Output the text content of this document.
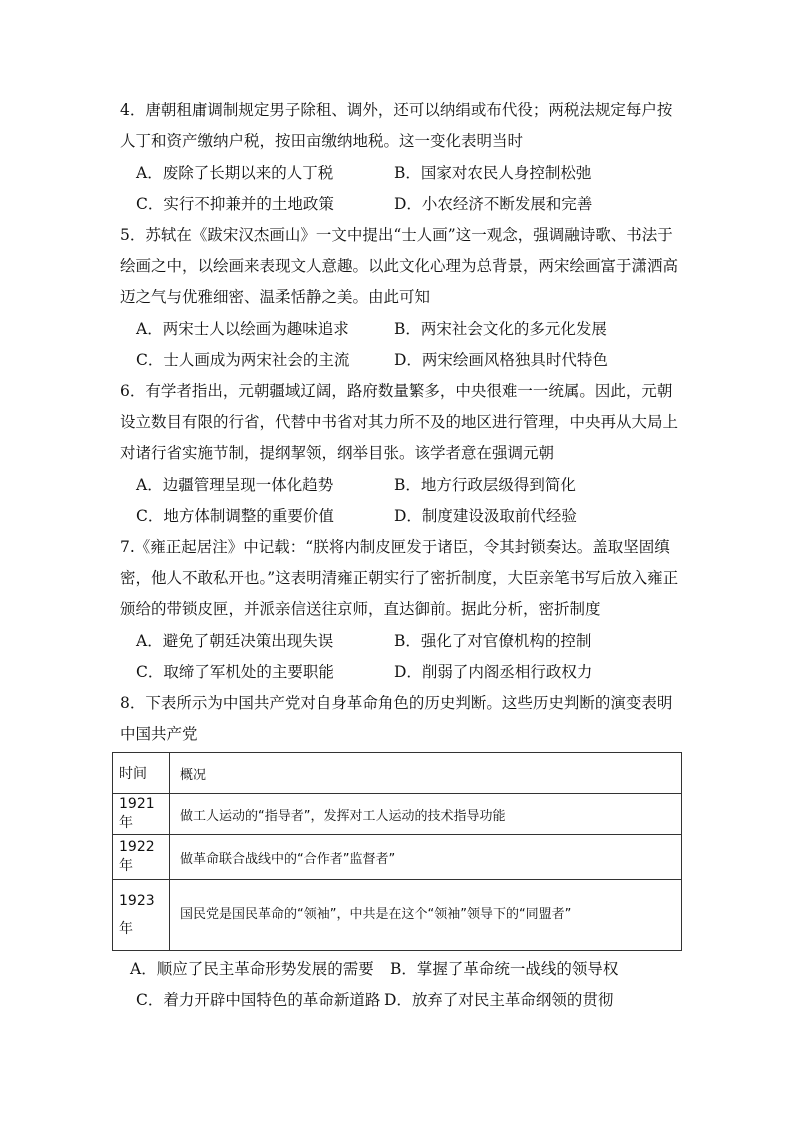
4．唐朝租庸调制规定男子除租、调外，还可以纳绢或布代役；两税法规定每户按人丁和资产缴纳户税，按田亩缴纳地税。这一变化表明当时

A．废除了长期以来的人丁税	B．国家对农民人身控制松弛

C．实行不抑兼并的土地政策	D．小农经济不断发展和完善

5．苏轼在《跋宋汉杰画山》一文中提出“士人画”这一观念，强调融诗歌、书法于绘画之中，以绘画来表现文人意趣。以此文化心理为总背景，两宋绘画富于潇洒高迈之气与优雅细密、温柔恬静之美。由此可知

A．两宋士人以绘画为趣味追求	B．两宋社会文化的多元化发展

C．士人画成为两宋社会的主流	D．两宋绘画风格独具时代特色

6．有学者指出，元朝疆域辽阔，路府数量繁多，中央很难一一统属。因此，元朝设立数目有限的行省，代替中书省对其力所不及的地区进行管理，中央再从大局上对诸行省实施节制，提纲挈领，纲举目张。该学者意在强调元朝

A．边疆管理呈现一体化趋势	B．地方行政层级得到简化

C．地方体制调整的重要价值	D．制度建设汲取前代经验

7.《雍正起居注》中记载：“朕将内制皮匣发于诸臣，令其封锁奏达。盖取坚固缜密，他人不敢私开也。”这表明清雍正朝实行了密折制度，大臣亲笔书写后放入雍正颁给的带锁皮匣，并派亲信送往京师，直达御前。据此分析，密折制度

A．避免了朝廷决策出现失误	B．强化了对官僚机构的控制

C．取缔了军机处的主要职能	D．削弱了内阁丞相行政权力

8．下表所示为中国共产党对自身革命角色的历史判断。这些历史判断的演变表明中国共产党

时间	概况
1921 年	做工人运动的“指导者”，发挥对工人运动的技术指导功能
1922 年	做革命联合战线中的“合作者”监督者”
1923 年	国民党是国民革命的“领袖”，中共是在这个“领袖”领导下的“同盟者”

A．顺应了民主革命形势发展的需要 B．掌握了革命统一战线的领导权

C．着力开辟中国特色的革命新道路 D．放弃了对民主革命纲领的贯彻
